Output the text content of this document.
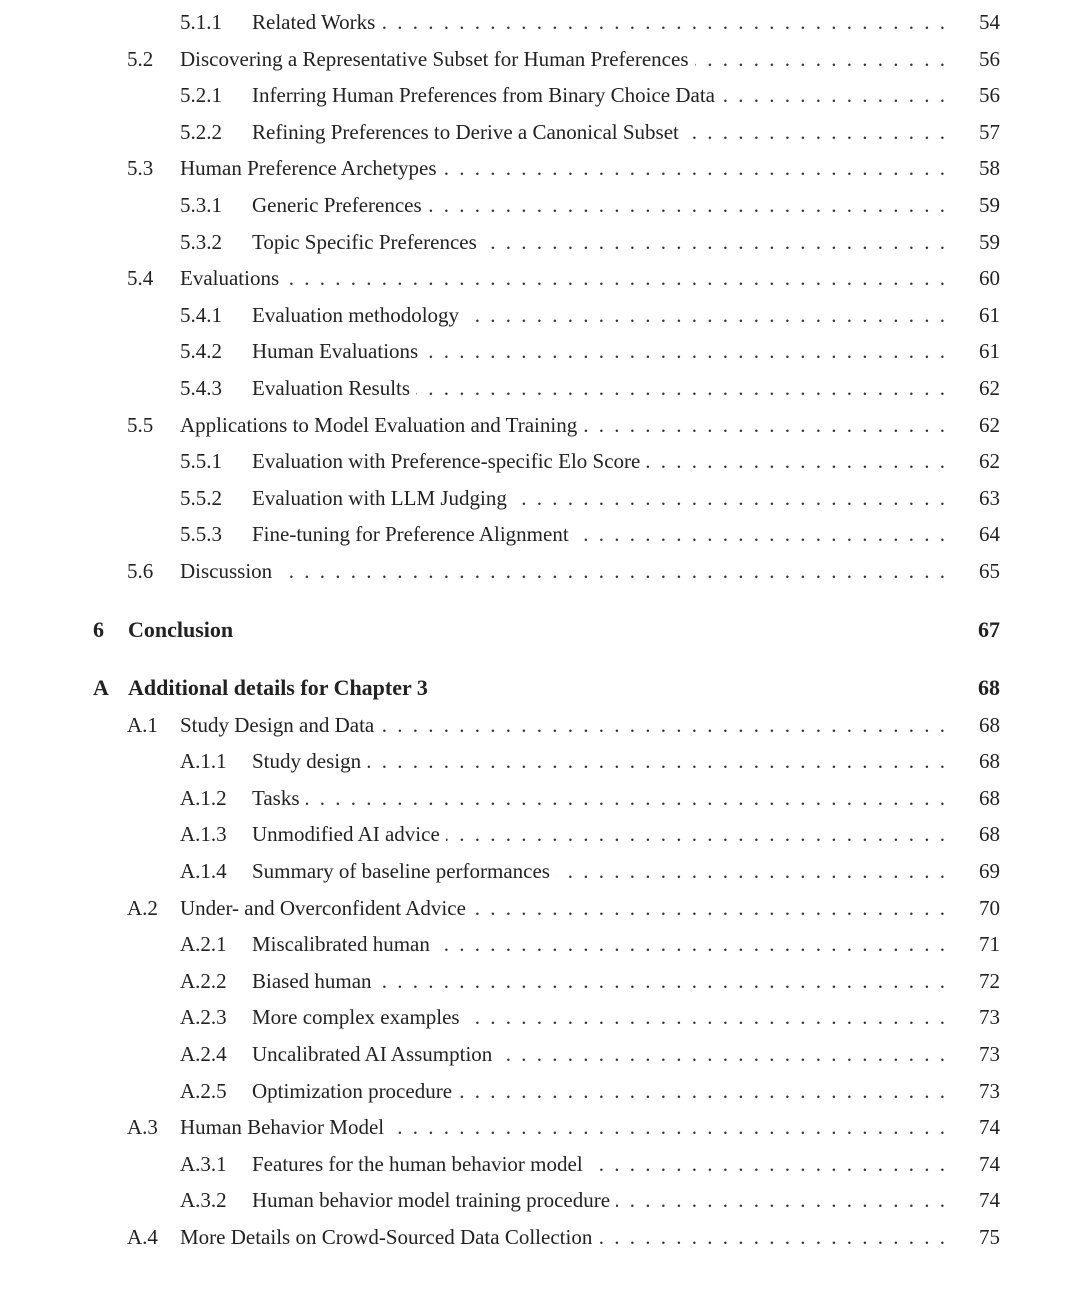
5.1.1 . . . Related Works	54
5.2 . . . Discovering a Representative Subset for Human Preferences	56
5.2.1 . . . Inferring Human Preferences from Binary Choice Data	56
5.2.2 . . . Refining Preferences to Derive a Canonical Subset	57
5.3 . . . Human Preference Archetypes	58
5.3.1 . . . Generic Preferences	59
5.3.2 . . . Topic Specific Preferences	59
5.4 . . . Evaluations	60
5.4.1 . . . Evaluation methodology	61
5.4.2 . . . Human Evaluations	61
5.4.3 . . . Evaluation Results	62
5.5 . . . Applications to Model Evaluation and Training	62
5.5.1 . . . Evaluation with Preference-specific Elo Score	62
5.5.2 . . . Evaluation with LLM Judging	63
5.5.3 . . . Fine-tuning for Preference Alignment	64
5.6 . . . Discussion	65
6 Conclusion	67
A Additional details for Chapter 3	68
A.1 . . . Study Design and Data	68
A.1.1 . . . Study design	68
A.1.2 . . . Tasks	68
A.1.3 . . . Unmodified AI advice	68
A.1.4 . . . Summary of baseline performances	69
A.2 . . . Under- and Overconfident Advice	70
A.2.1 . . . Miscalibrated human	71
A.2.2 . . . Biased human	72
A.2.3 . . . More complex examples	73
A.2.4 . . . Uncalibrated AI Assumption	73
A.2.5 . . . Optimization procedure	73
A.3 . . . Human Behavior Model	74
A.3.1 . . . Features for the human behavior model	74
A.3.2 . . . Human behavior model training procedure	74
A.4 . . . More Details on Crowd-Sourced Data Collection	75
